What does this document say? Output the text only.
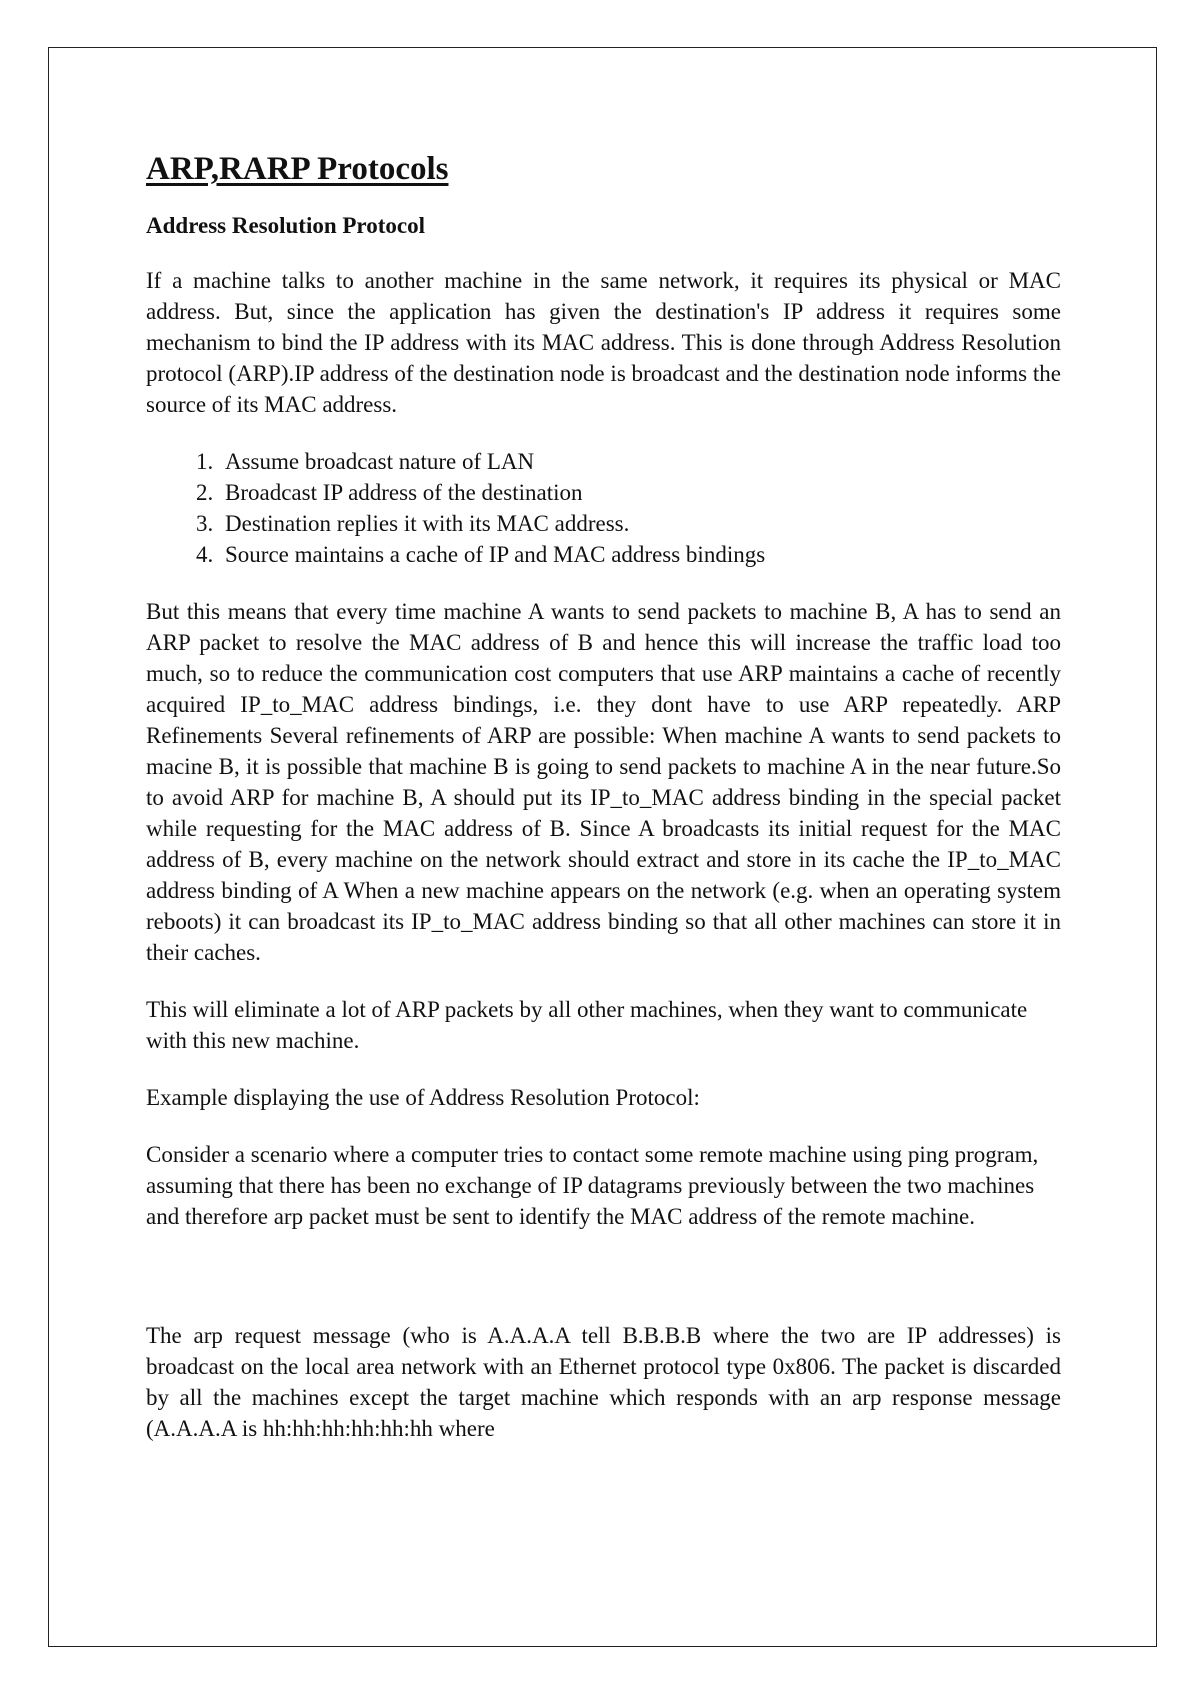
ARP,RARP Protocols
Address Resolution Protocol

If a machine talks to another machine in the same network, it requires its physical or MAC address. But, since the application has given the destination's IP address it requires some mechanism to bind the IP address with its MAC address. This is done through Address Resolution protocol (ARP).IP address of the destination node is broadcast and the destination node informs the source of its MAC address.

1. Assume broadcast nature of LAN
2. Broadcast IP address of the destination
3. Destination replies it with its MAC address.
4. Source maintains a cache of IP and MAC address bindings

But this means that every time machine A wants to send packets to machine B, A has to send an ARP packet to resolve the MAC address of B and hence this will increase the traffic load too much, so to reduce the communication cost computers that use ARP maintains a cache of recently acquired IP_to_MAC address bindings, i.e. they dont have to use ARP repeatedly. ARP Refinements Several refinements of ARP are possible: When machine A wants to send packets to macine B, it is possible that machine B is going to send packets to machine A in the near future.So to avoid ARP for machine B, A should put its IP_to_MAC address binding in the special packet while requesting for the MAC address of B. Since A broadcasts its initial request for the MAC address of B, every machine on the network should extract and store in its cache the IP_to_MAC address binding of A When a new machine appears on the network (e.g. when an operating system reboots) it can broadcast its IP_to_MAC address binding so that all other machines can store it in their caches.

This will eliminate a lot of ARP packets by all other machines, when they want to communicate with this new machine.

Example displaying the use of Address Resolution Protocol:

Consider a scenario where a computer tries to contact some remote machine using ping program, assuming that there has been no exchange of IP datagrams previously between the two machines and therefore arp packet must be sent to identify the MAC address of the remote machine.

The arp request message (who is A.A.A.A tell B.B.B.B where the two are IP addresses) is broadcast on the local area network with an Ethernet protocol type 0x806. The packet is discarded by all the machines except the target machine which responds with an arp response message (A.A.A.A is hh:hh:hh:hh:hh:hh where
